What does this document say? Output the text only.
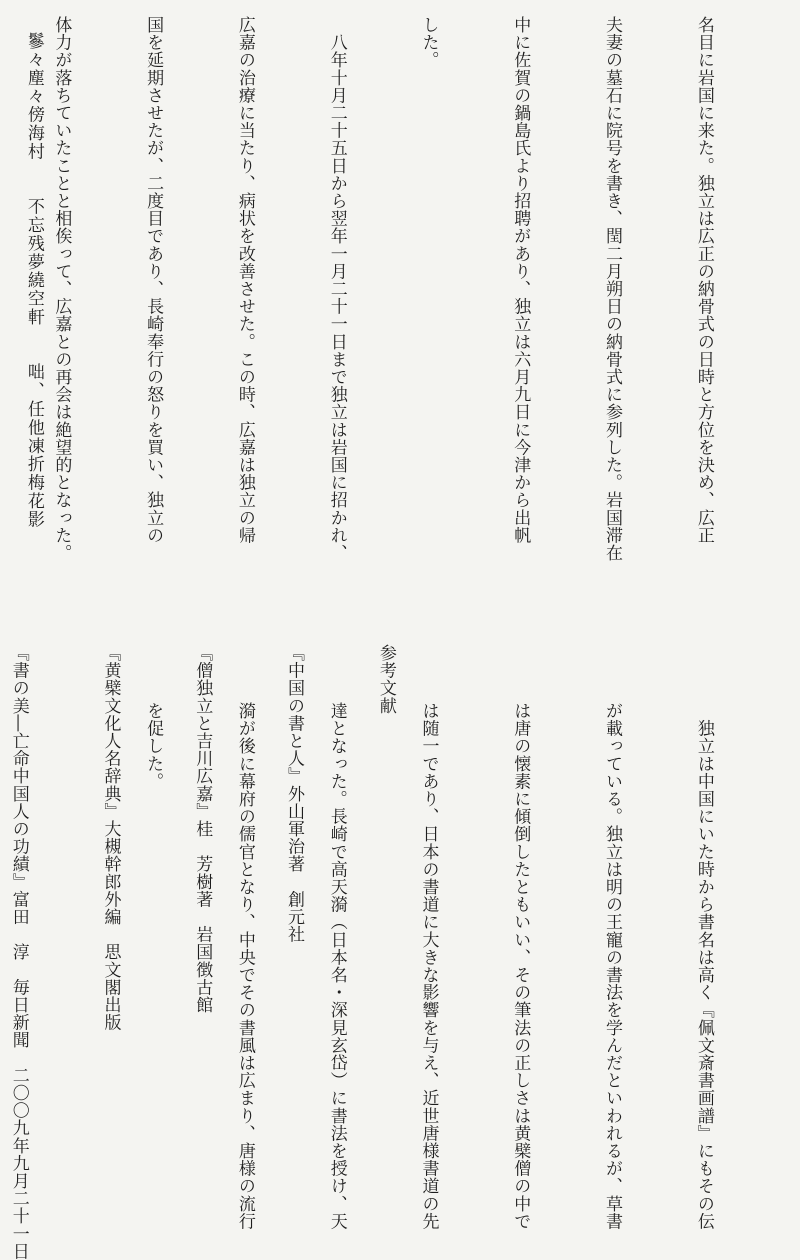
名目に岩国に来た。独立は広正の納骨式の日時と方位を決め、広正

夫妻の墓石に院号を書き、閏二月朔日の納骨式に参列した。岩国滞在

中に佐賀の鍋島氏より招聘があり、独立は六月九日に今津から出帆

した。

　八年十月二十五日から翌年一月二十一日まで独立は岩国に招かれ、

広嘉の治療に当たり、病状を改善させた。この時、広嘉は独立の帰

国を延期させたが、二度目であり、長崎奉行の怒りを買い、独立の

体力が落ちていたことと相俟って、広嘉との再会は絶望的となった。

鬖々塵々傍海村　　不忘残夢繞空軒　　咄、任他凍折梅花影

　独立は中国にいた時から書名は高く『佩文斎書画譜』にもその伝

が載っている。独立は明の王寵の書法を学んだといわれるが、草書

は唐の懐素に傾倒したともいい、その筆法の正しさは黄檗僧の中で

は随一であり、日本の書道に大きな影響を与え、近世唐様書道の先

達となった。長崎で高天漪（日本名・深見玄岱）に書法を授け、天

漪が後に幕府の儒官となり、中央でその書風は広まり、唐様の流行

を促した。

参考文献

『中国の書と人』外山軍治著　創元社

『僧独立と吉川広嘉』桂　芳樹著　岩国徴古館

『黄檗文化人名辞典』大槻幹郎外編　思文閣出版

『書の美―亡命中国人の功績』富田　淳　毎日新聞　二〇〇九年九月二十一日
